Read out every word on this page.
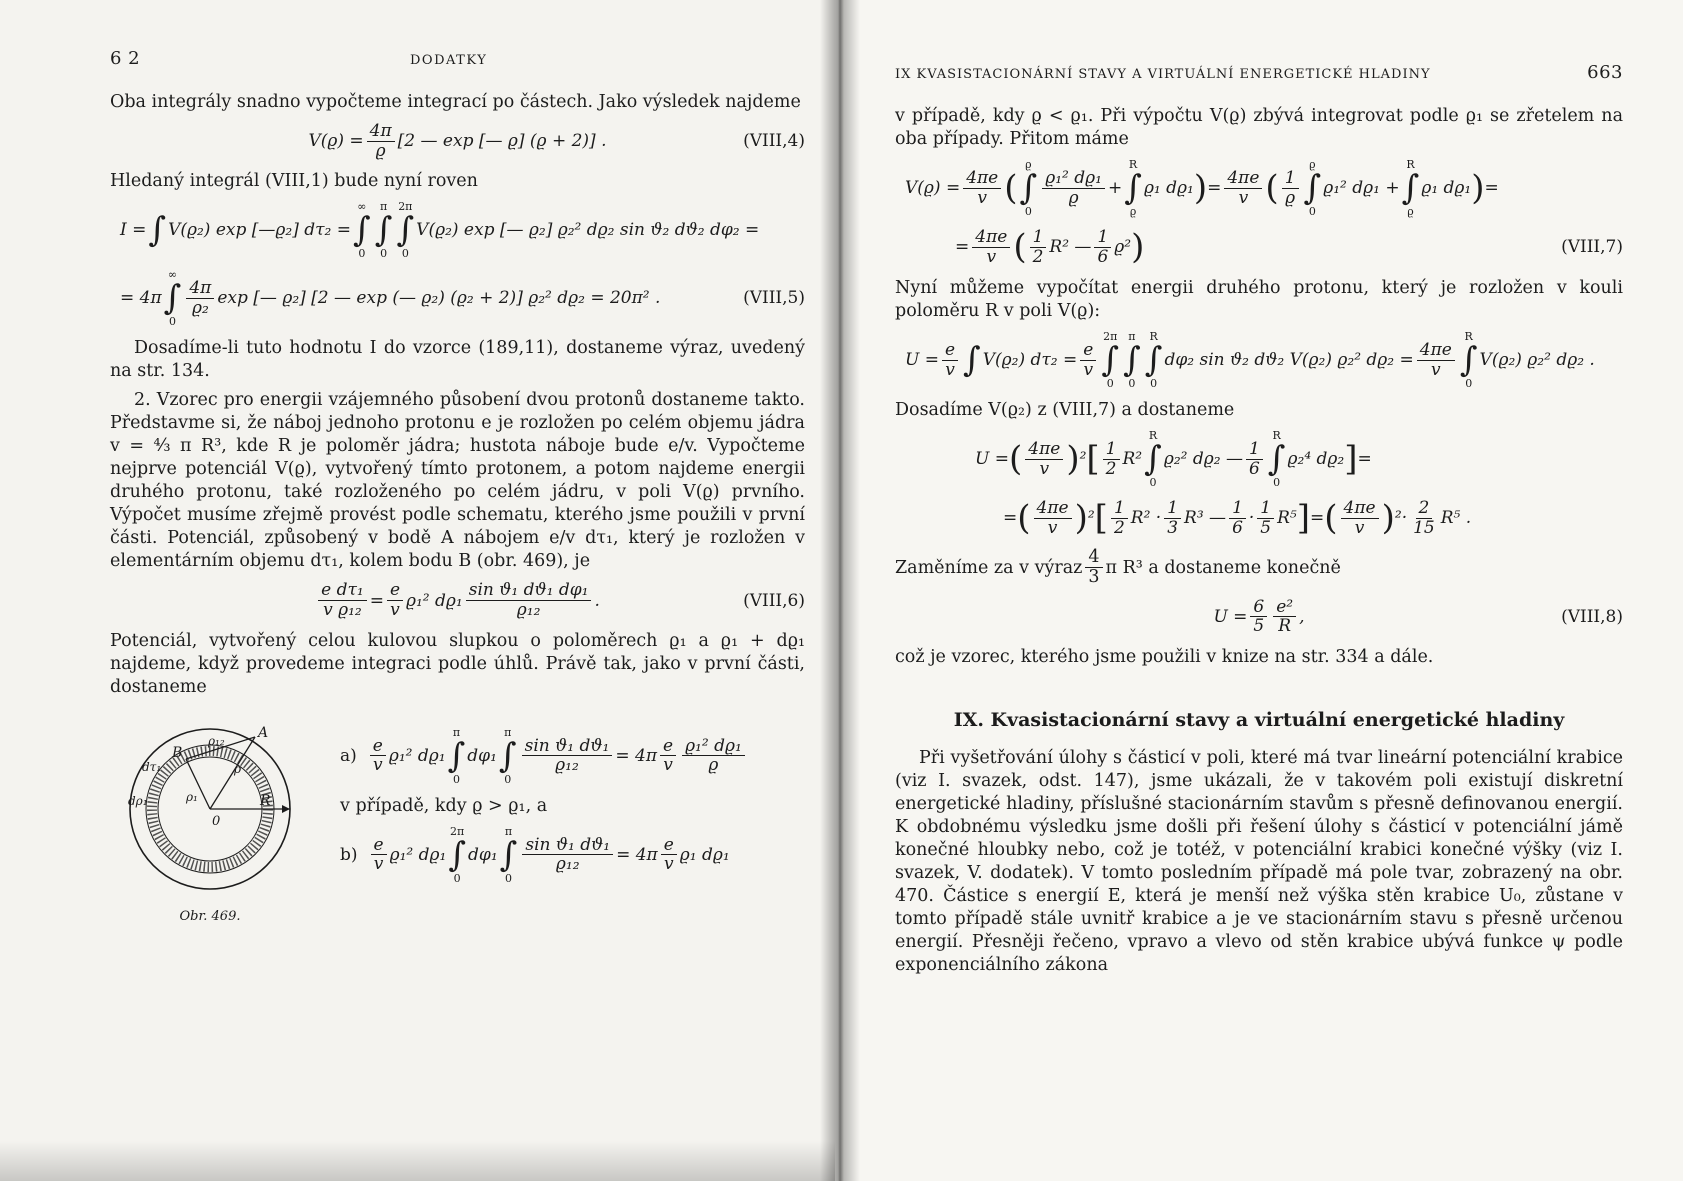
6 2	DODATKY

Oba integrály snadno vypočteme integrací po částech. Jako výsledek najdeme

$V(ϱ) = \frac{4\pi}{ϱ} [2$ — exp [— ϱ] (ϱ + 2)] .	(VIII,4)

Hledaný integrál (VIII,1) bude nyní roven

I =
∫
V(ϱ₂) exp [—ϱ₂] dτ₂ =
∞
∫
0
π
∫
0
2π
∫
0
V(ϱ₂) exp [— ϱ₂] ϱ₂² dϱ₂ sin ϑ₂ dϑ₂ dφ₂ =
= 4π
∞
∫
0
$\frac{4\pi}{\text{ϱ₂}}$ exp [— ϱ₂] [2 — exp (— ϱ₂) (ϱ₂ + 2)] ϱ₂² dϱ₂ = 20π² .	(VIII,5)

Dosadíme-li tuto hodnotu I do vzorce (189,11), dostaneme výraz, uvedený na str. 134.

2. Vzorec pro energii vzájemného působení dvou protonů dostaneme takto. Představme si, že náboj jednoho protonu e je rozložen po celém objemu jádra v = ⁴⁄₃ π R³, kde R je poloměr jádra; hustota náboje bude e/v. Vypočteme nejprve potenciál V(ϱ), vytvořený tímto protonem, a potom najdeme energii druhého protonu, také rozloženého po celém jádru, v poli V(ϱ) prvního. Výpočet musíme zřejmě provést podle schematu, kterého jsme použili v první části. Potenciál, způsobený v bodě A nábojem e/v dτ₁, který je rozložen v elementárním objemu dτ₁, kolem bodu B (obr. 469), je

$\frac{\text{e dτ₁}}{\text{v ϱ₁₂}} = \frac{e}{v} ϱ_1^2$ $dϱ_1 \frac{\text{sin ϑ₁ dϑ₁ dφ₁}}{\text{ϱ₁₂}}$ .	(VIII,6)

Potenciál, vytvořený celou kulovou slupkou o poloměrech ϱ₁ a ϱ₁ + dϱ₁ najdeme, když provedeme integraci podle úhlů. Právě tak, jako v první části, dostaneme

A
B
R
0
ρ
ρ₁
ρ₁₂
dτ₁
dρ₁
Obr. 469.
$a) \frac{e}{v} ϱ_1^2$ dϱ₁
π
∫
0
dφ₁
π
∫
0
$\frac{\text{sin ϑ₁ dϑ₁}}{\text{ϱ₁₂}} = 4\pi \frac{e}{v} \frac{\text{ϱ₁² dϱ₁}}{ϱ}$

v případě, kdy ϱ > ϱ₁, a

$b) \frac{e}{v} ϱ_1^2$ dϱ₁
2π
∫
0
dφ₁
π
∫
0
$\frac{\text{sin ϑ₁ dϑ₁}}{\text{ϱ₁₂}} = 4\pi \frac{e}{v} ϱ_1$ dϱ₁
IX KVASISTACIONÁRNÍ STAVY A VIRTUÁLNÍ ENERGETICKÉ HLADINY	663

v případě, kdy ϱ < ϱ₁. Při výpočtu V(ϱ) zbývá integrovat podle ϱ₁ se zřetelem na oba případy. Přitom máme

$V(ϱ) = \frac{4\pi e}{v}$ (
ϱ
∫
0
$\frac{\text{ϱ₁² dϱ₁}}{ϱ}$ +
R
∫
ϱ
ϱ₁ dϱ₁ ) = $\frac{4\pi e}{v}$ ( $\frac{1}{ϱ}$
ϱ
∫
0
ϱ₁² dϱ₁ +
R
∫
ϱ
ϱ₁ dϱ₁ ) =
= $\frac{4\pi e}{v}$ ( $\frac{1}{2} R^2$ — $\frac{1}{6} ϱ^2$ )	(VIII,7)

Nyní můžeme vypočítat energii druhého protonu, který je rozložen v kouli poloměru R v poli V(ϱ):

$U = \frac{e}{v}$
∫
V(ϱ₂) $d\tau_2 = \frac{e}{v}$
2π
∫
0
π
∫
0
R
∫
0
dφ₂ sin ϑ₂ dϑ₂ V(ϱ₂) ϱ₂² $dϱ_2 = \frac{4\pi e}{v}$
R
∫
0
V(ϱ₂) ϱ₂² dϱ₂ .

Dosadíme V(ϱ₂) z (VIII,7) a dostaneme

U = ( $\frac{4\pi e}{v}$ ) ² [ $\frac{1}{2} R^2$
R
∫
0
ϱ₂² dϱ₂ — $\frac{1}{6}$
R
∫
0
ϱ₂⁴ dϱ₂ ] =
= ( $\frac{4\pi e}{v}$ ) ² [ $\frac{1}{2} R^2 \cdot \frac{1}{3} R^3$ — $\frac{1}{6} \cdot \frac{1}{5} R^5$ ] = ( $\frac{4\pi e}{v}$ ) $^2 \cdot \frac{2}{15} R^5$ .
Zaměníme za v výraz $\frac{4}{3}$ π R³ a dostaneme konečně
$U = \frac{6}{5} \frac{\text{e²}}{R}$ ,	(VIII,8)

což je vzorec, kterého jsme použili v knize na str. 334 a dále.

IX. Kvasistacionární stavy a virtuální energetické hladiny

Při vyšetřování úlohy s částicí v poli, které má tvar lineární potenciální krabice (viz I. svazek, odst. 147), jsme ukázali, že v takovém poli existují diskretní energetické hladiny, příslušné stacionárním stavům s přesně definovanou energií. K obdobnému výsledku jsme došli při řešení úlohy s částicí v potenciální jámě konečné hloubky nebo, což je totéž, v potenciální krabici konečné výšky (viz I. svazek, V. dodatek). V tomto posledním případě má pole tvar, zobrazený na obr. 470. Částice s energií E, která je menší než výška stěn krabice U₀, zůstane v tomto případě stále uvnitř krabice a je ve stacionárním stavu s přesně určenou energií. Přesněji řečeno, vpravo a vlevo od stěn krabice ubývá funkce ψ podle exponenciálního zákona
